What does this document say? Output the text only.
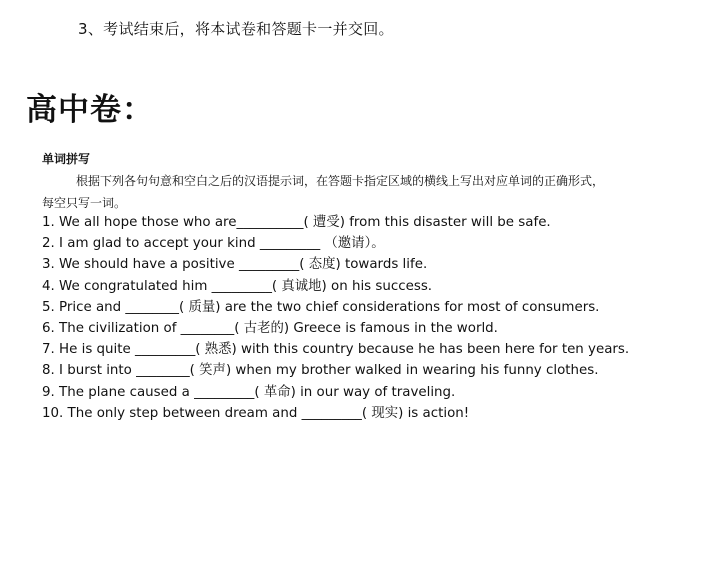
3、考试结束后，将本试卷和答题卡一并交回。
高中卷：
单词拼写
根据下列各句句意和空白之后的汉语提示词，在答题卡指定区域的横线上写出对应单词的正确形式，
每空只写一词。
1. We all hope those who are__________( 遭受) from this disaster will be safe.
2. I am glad to accept your kind _________ （邀请）。
3. We should have a positive _________( 态度) towards life.
4. We congratulated him _________( 真诚地) on his success.
5. Price and ________( 质量) are the two chief considerations for most of consumers.
6. The civilization of ________( 古老的) Greece is famous in the world.
7. He is quite _________( 熟悉) with this country because he has been here for ten years.
8. I burst into ________( 笑声) when my brother walked in wearing his funny clothes.
9. The plane caused a _________( 革命) in our way of traveling.
10. The only step between dream and _________( 现实) is action!
